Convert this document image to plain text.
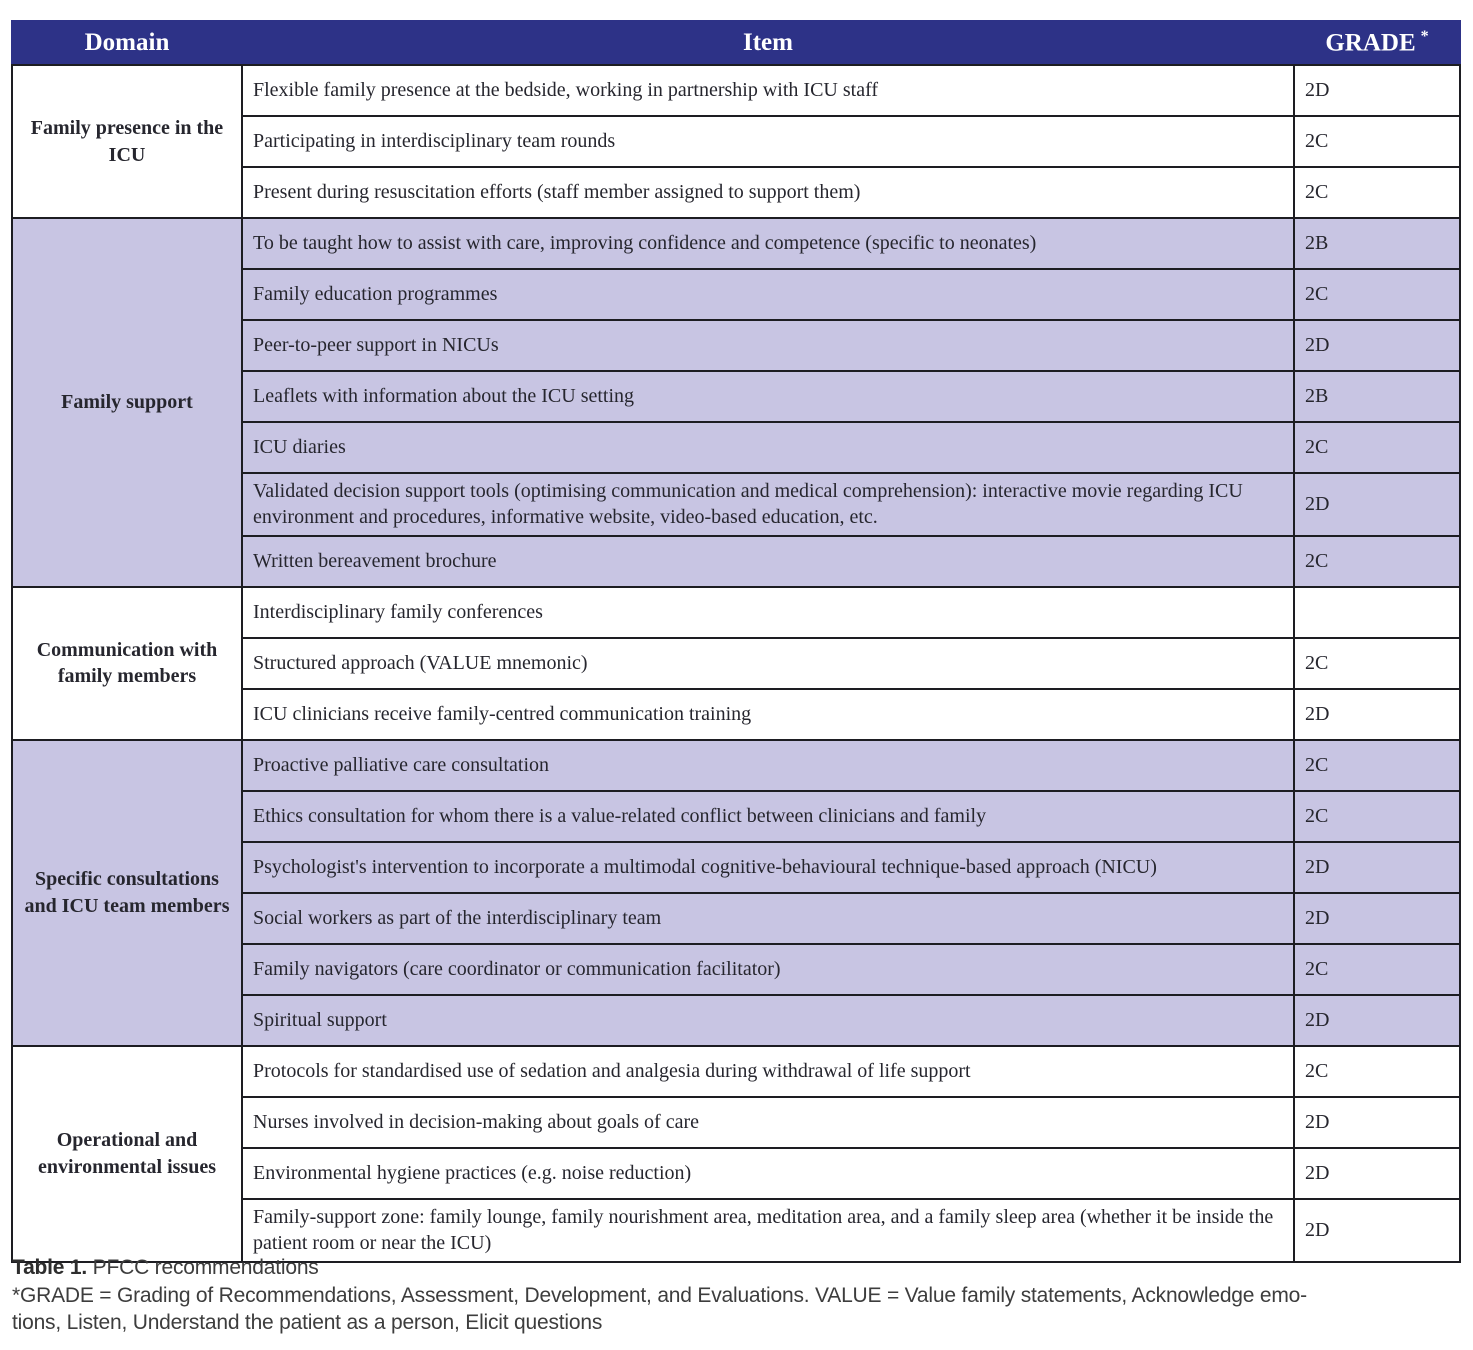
Domain	Item	GRADE *
Family presence in the ICU	Flexible family presence at the bedside, working in partnership with ICU staff	2D
	Participating in interdisciplinary team rounds	2C
	Present during resuscitation efforts (staff member assigned to support them)	2C
Family support	To be taught how to assist with care, improving confidence and competence (specific to neonates)	2B
	Family education programmes	2C
	Peer-to-peer support in NICUs	2D
	Leaflets with information about the ICU setting	2B
	ICU diaries	2C
	Validated decision support tools (optimising communication and medical comprehension): interactive movie regarding ICU environment and procedures, informative website, video-based education, etc.	2D
	Written bereavement brochure	2C
Communication with family members	Interdisciplinary family conferences	
	Structured approach (VALUE mnemonic)	2C
	ICU clinicians receive family-centred communication training	2D
Specific consultations and ICU team members	Proactive palliative care consultation	2C
	Ethics consultation for whom there is a value-related conflict between clinicians and family	2C
	Psychologist's intervention to incorporate a multimodal cognitive-behavioural technique-based approach (NICU)	2D
	Social workers as part of the interdisciplinary team	2D
	Family navigators (care coordinator or communication facilitator)	2C
	Spiritual support	2D
Operational and environmental issues	Protocols for standardised use of sedation and analgesia during withdrawal of life support	2C
	Nurses involved in decision-making about goals of care	2D
	Environmental hygiene practices (e.g. noise reduction)	2D
	Family-support zone: family lounge, family nourishment area, meditation area, and a family sleep area (whether it be inside the patient room or near the ICU)	2D
Table 1. PFCC recommendations
*GRADE = Grading of Recommendations, Assessment, Development, and Evaluations. VALUE = Value family statements, Acknowledge emo-
tions, Listen, Understand the patient as a person, Elicit questions
